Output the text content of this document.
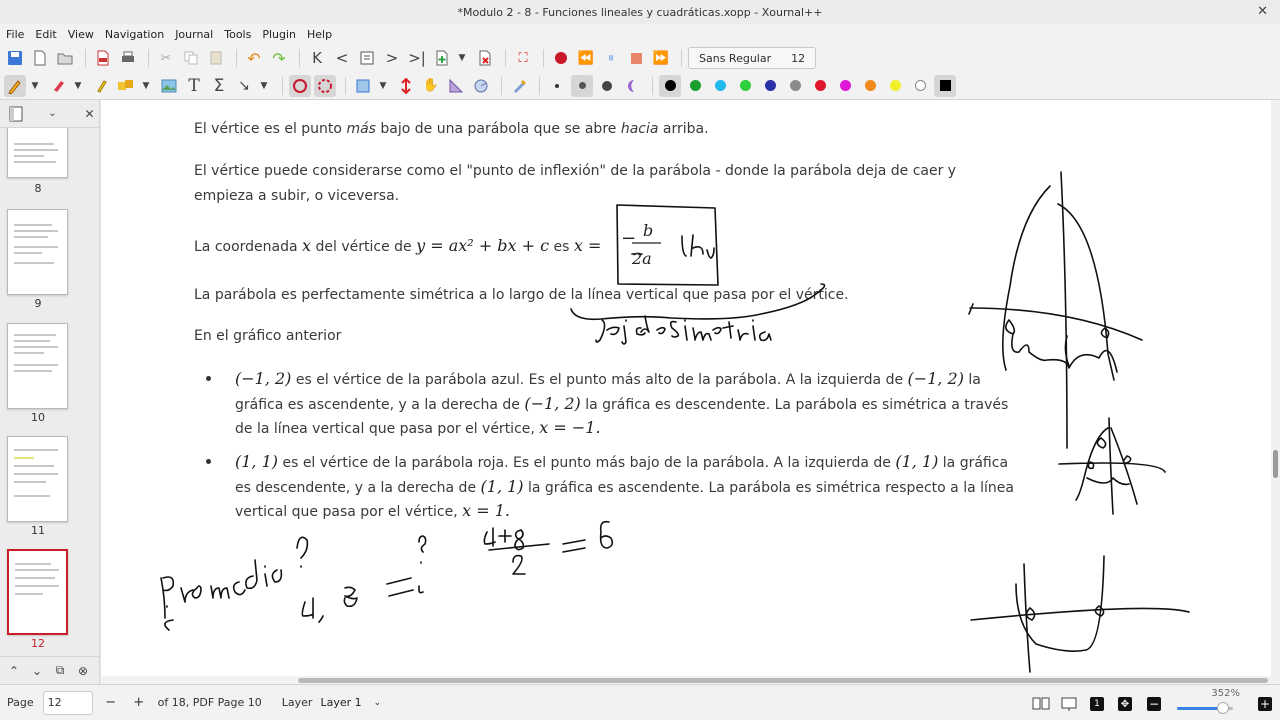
*Modulo 2 - 8 - Funciones lineales y cuadráticas.xopp - Xournal++	✕
File Edit View Navigation Journal Tools Plugin Help
✂	↶ ↷	K <	> >|	▼	⛶	⏪	⏸	⏩	Sans Regular 12
▼	▼	▼	T Σ ↘	▼	▼	✋
⌄	✕
8
9
10
11
12
⌃	⌄	⧉	⊗
El vértice es el punto más bajo de una parábola que se abre hacia arriba.
El vértice puede considerarse como el "punto de inflexión" de la parábola - donde la parábola deja de caer y
empieza a subir, o viceversa.
La coordenada x del vértice de y = ax² + bx + c es x = − b
2a
La parábola es perfectamente simétrica a lo largo de la línea vertical que pasa por el vértice.
En el gráfico anterior
(−1, 2) es el vértice de la parábola azul. Es el punto más alto de la parábola. A la izquierda de (−1, 2) la
gráfica es ascendente, y a la derecha de (−1, 2) la gráfica es descendente. La parábola es simétrica a través
de la línea vertical que pasa por el vértice, x = −1.
(1, 1) es el vértice de la parábola roja. Es el punto más bajo de la parábola. A la izquierda de (1, 1) la gráfica
es descendente, y a la derecha de (1, 1) la gráfica es ascendente. La parábola es simétrica respecto a la línea
vertical que pasa por el vértice, x = 1.
Page 12	−	+	of 18, PDF Page 10 Layer Layer 1 ⌄	1	✥ −
352%
+
